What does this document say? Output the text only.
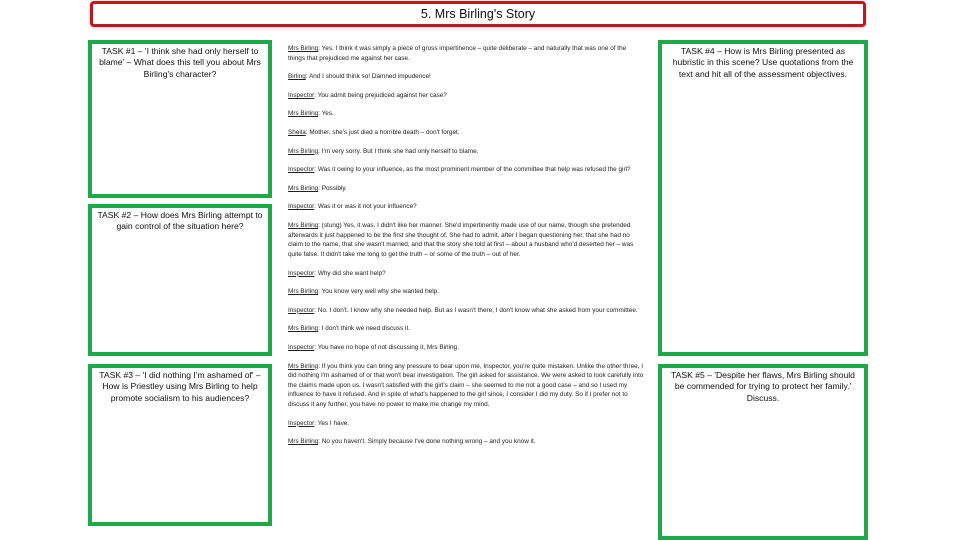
5. Mrs Birling's Story
TASK #1 – 'I think she had only herself to blame' – What does this tell you about Mrs Birling's character?
TASK #2 – How does Mrs Birling attempt to gain control of the situation here?
TASK #3 – 'I did nothing I'm ashamed of' – How is Priestley using Mrs Birling to help promote socialism to his audiences?
TASK #4 – How is Mrs Birling presented as hubristic in this scene? Use quotations from the text and hit all of the assessment objectives.
TASK #5 – 'Despite her flaws, Mrs Birling should be commended for trying to protect her family.' Discuss.

Mrs Birling: Yes. I think it was simply a piece of gross impertinence – quite deliberate – and naturally that was one of the things that prejudiced me against her case.

Birling: And I should think so! Damned impudence!

Inspector: You admit being prejudiced against her case?

Mrs Birling: Yes.

Sheila: Mother, she's just died a horrible death – don't forget.

Mrs Birling: I'm very sorry. But I think she had only herself to blame.

Inspector: Was it owing to your influence, as the most prominent member of the committee that help was refused the girl?

Mrs Birling: Possibly.

Inspector: Was it or was it not your influence?

Mrs Birling: (stung) Yes, it was. I didn't like her manner. She'd impertinently made use of our name, though she pretended afterwards it just happened to be the first she thought of. She had to admit, after I began questioning her, that she had no claim to the name, that she wasn't married, and that the story she told at first – about a husband who'd deserted her – was quite false. It didn't take me long to get the truth – or some of the truth – out of her.

Inspector: Why did she want help?

Mrs Birling: You know very well why she wanted help.

Inspector: No. I don't. I know why she needed help. But as I wasn't there, I don't know what she asked from your committee.

Mrs Birling: I don't think we need discuss it.

Inspector: You have no hope of not discussing it, Mrs Birling.

Mrs Birling: If you think you can bring any pressure to bear upon me, Inspector, you're quite mistaken. Unlike the other three, I did nothing I'm ashamed of or that won't bear investigation. The girl asked for assistance. We were asked to look carefully into the claims made upon us. I wasn't satisfied with the girl's claim – she seemed to me not a good case – and so I used my influence to have it refused. And in spite of what's happened to the girl since, I consider I did my duty. So if I prefer not to discuss it any further, you have no power to make me change my mind.

Inspector: Yes I have.

Mrs Birling: No you haven't. Simply because I've done nothing wrong – and you know it.
